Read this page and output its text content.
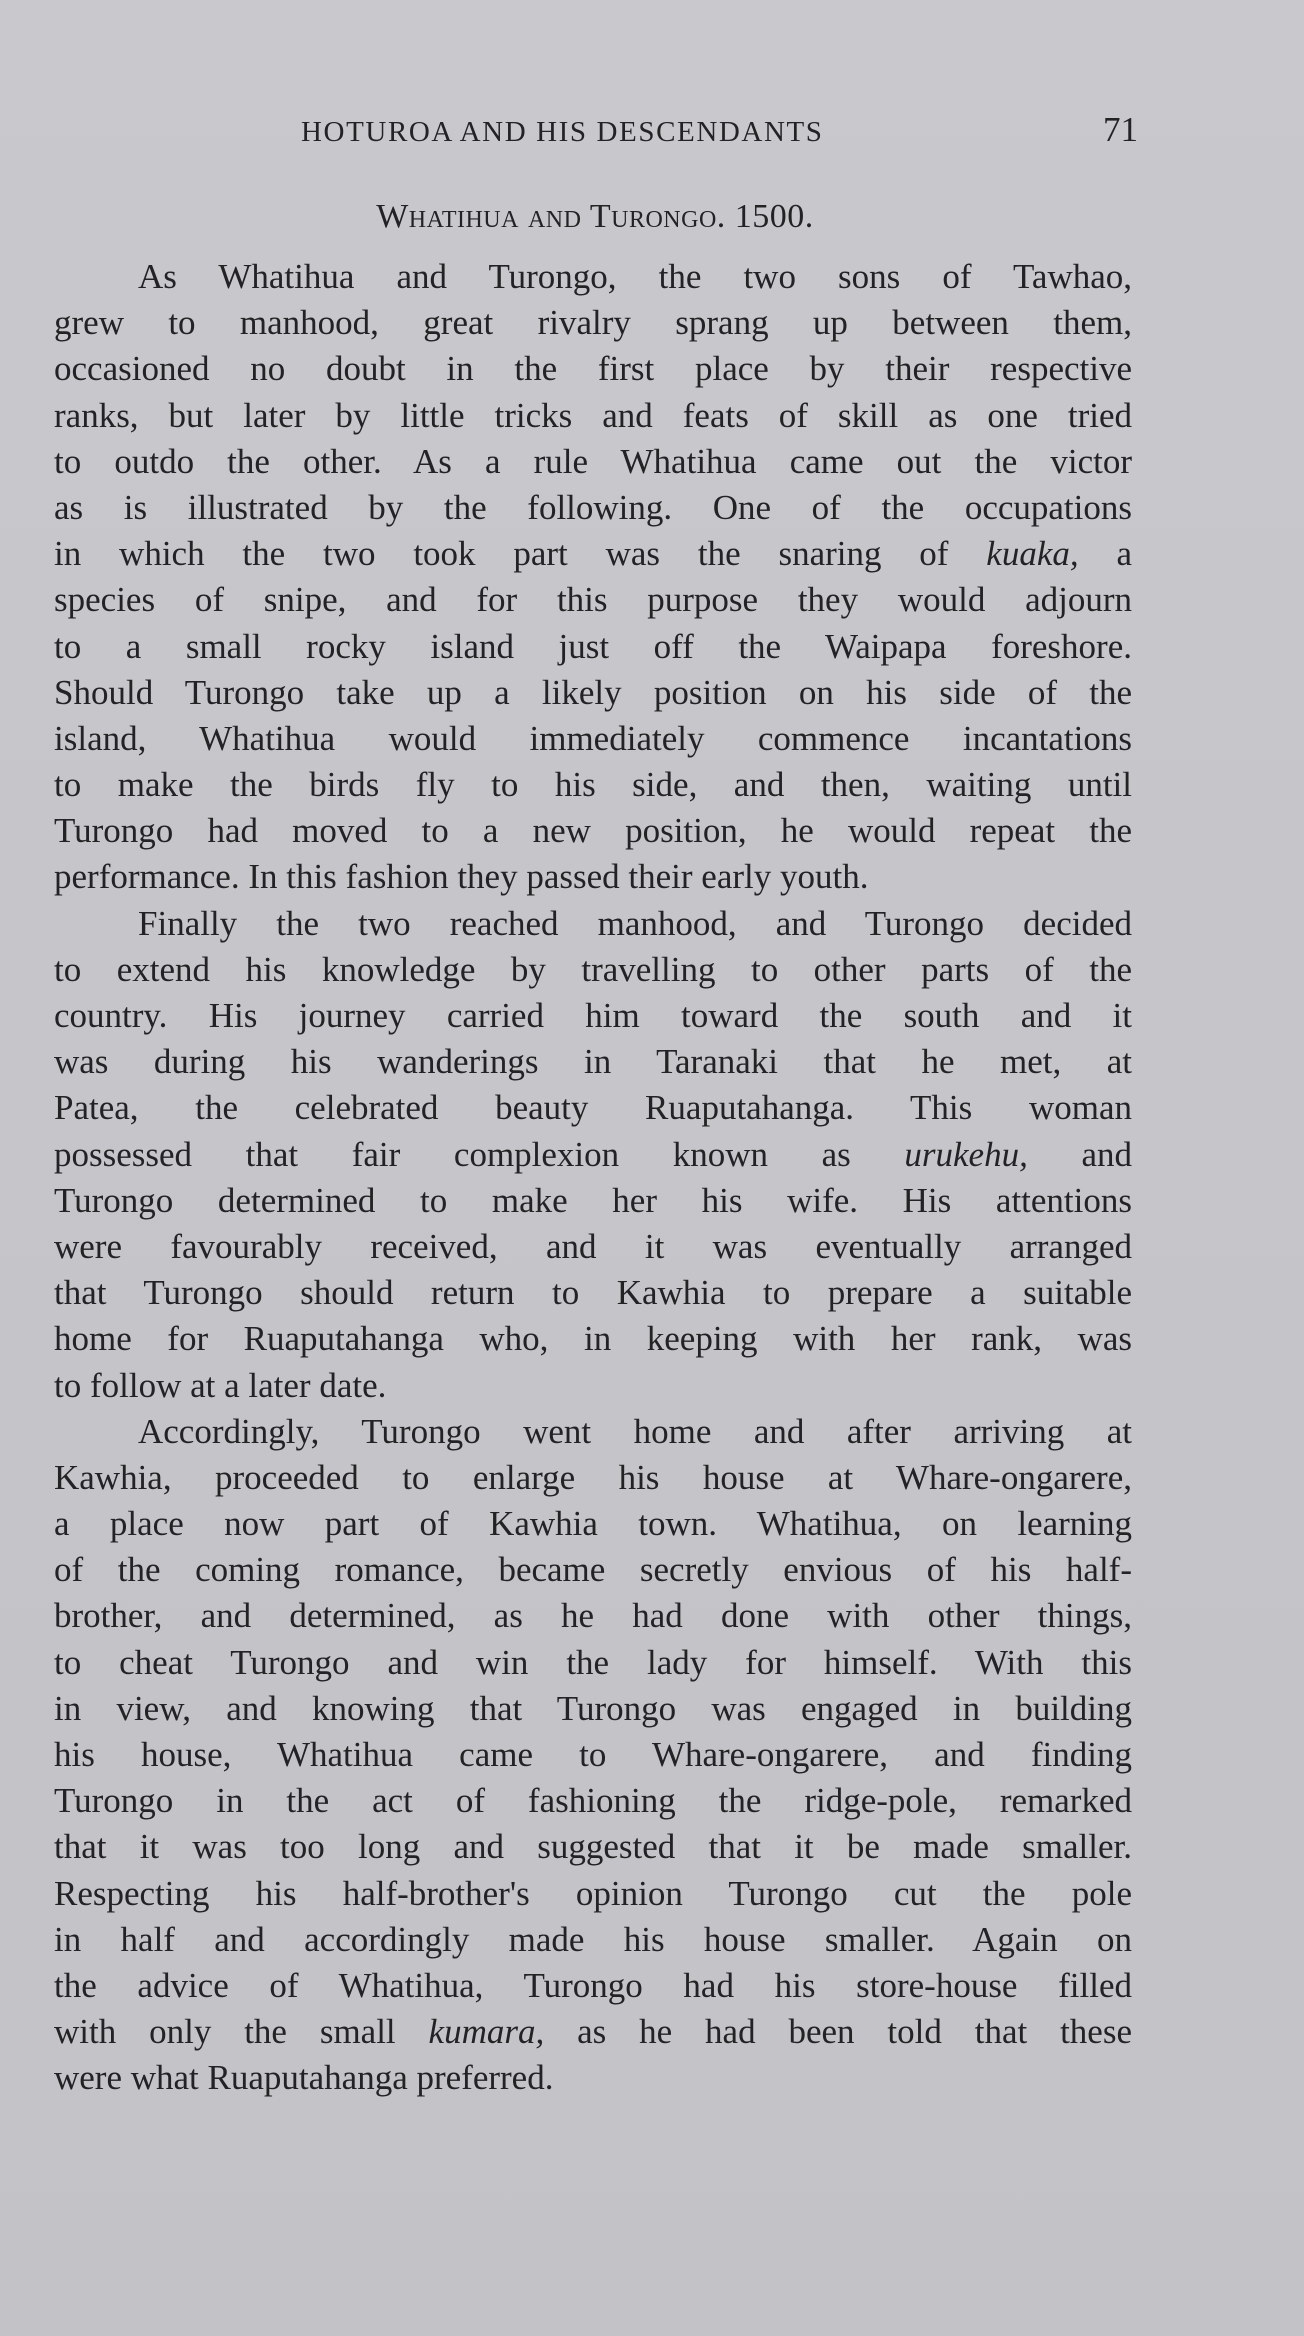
HOTUROA AND HIS DESCENDANTS	71
Whatihua and Turongo. 1500.
As Whatihua and Turongo, the two sons of Tawhao,
grew to manhood, great rivalry sprang up between them,
occasioned no doubt in the first place by their respective
ranks, but later by little tricks and feats of skill as one tried
to outdo the other. As a rule Whatihua came out the victor
as is illustrated by the following. One of the occupations
in which the two took part was the snaring of kuaka, a
species of snipe, and for this purpose they would adjourn
to a small rocky island just off the Waipapa foreshore.
Should Turongo take up a likely position on his side of the
island, Whatihua would immediately commence incantations
to make the birds fly to his side, and then, waiting until
Turongo had moved to a new position, he would repeat the
performance. In this fashion they passed their early youth.
Finally the two reached manhood, and Turongo decided
to extend his knowledge by travelling to other parts of the
country. His journey carried him toward the south and it
was during his wanderings in Taranaki that he met, at
Patea, the celebrated beauty Ruaputahanga. This woman
possessed that fair complexion known as urukehu, and
Turongo determined to make her his wife. His attentions
were favourably received, and it was eventually arranged
that Turongo should return to Kawhia to prepare a suitable
home for Ruaputahanga who, in keeping with her rank, was
to follow at a later date.
Accordingly, Turongo went home and after arriving at
Kawhia, proceeded to enlarge his house at Whare-ongarere,
a place now part of Kawhia town. Whatihua, on learning
of the coming romance, became secretly envious of his half-
brother, and determined, as he had done with other things,
to cheat Turongo and win the lady for himself. With this
in view, and knowing that Turongo was engaged in building
his house, Whatihua came to Whare-ongarere, and finding
Turongo in the act of fashioning the ridge-pole, remarked
that it was too long and suggested that it be made smaller.
Respecting his half-brother's opinion Turongo cut the pole
in half and accordingly made his house smaller. Again on
the advice of Whatihua, Turongo had his store-house filled
with only the small kumara, as he had been told that these
were what Ruaputahanga preferred.
